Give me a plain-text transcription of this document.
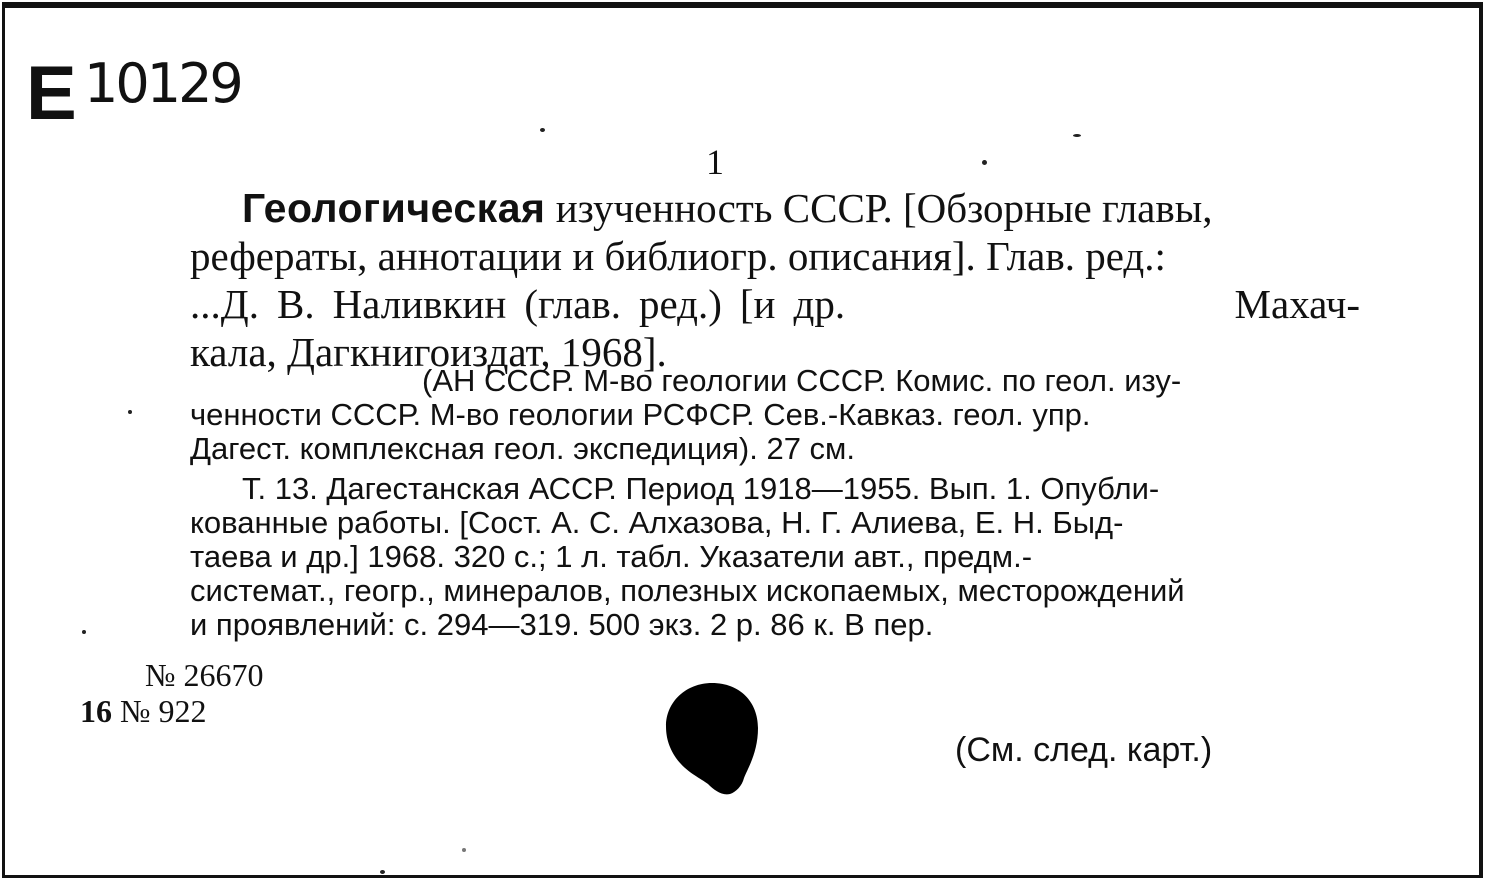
E 10129
1
Геологическая изученность СССР. [Обзорные главы,
рефераты, аннотации и библиогр. описания]. Глав. ред.:
...Д. В. Наливкин (глав. ред.) [и др.	Махач-
кала, Дагкнигоиздат, 1968].
(АН СССР. М-во геологии СССР. Комис. по геол. изу-
ченности СССР. М-во геологии РСФСР. Сев.-Кавказ. геол. упр.
Дагест. комплексная геол. экспедиция). 27 см.
Т. 13. Дагестанская АССР. Период 1918—1955. Вып. 1. Опубли-
кованные работы. [Сост. А. С. Алхазова, Н. Г. Алиева, Е. Н. Быд-
таева и др.] 1968. 320 с.; 1 л. табл. Указатели авт., предм.-
системат., геогр., минералов, полезных ископаемых, месторождений
и проявлений: с. 294—319. 500 экз. 2 р. 86 к. В пер.
№ 26670
16 № 922
(См. след. карт.)
